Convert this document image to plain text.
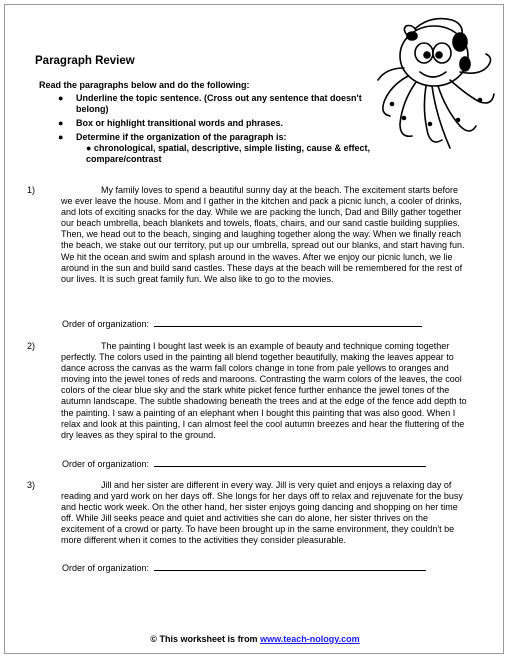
Paragraph Review
Read the paragraphs below and do the following:
● Underline the topic sentence. (Cross out any sentence that doesn't belong)
● Box or highlight transitional words and phrases.
● Determine if the organization of the paragraph is:
● chronological, spatial, descriptive, simple listing, cause & effect, compare/contrast
1)	My family loves to spend a beautiful sunny day at the beach. The excitement starts before we ever leave the house. Mom and I gather in the kitchen and pack a picnic lunch, a cooler of drinks, and lots of exciting snacks for the day. While we are packing the lunch, Dad and Billy gather together our beach umbrella, beach blankets and towels, floats, chairs, and our sand castle building supplies. Then, we head out to the beach, singing and laughing together along the way. When we finally reach the beach, we stake out our territory, put up our umbrella, spread out our blanks, and start having fun. We hit the ocean and swim and splash around in the waves. After we enjoy our picnic lunch, we lie around in the sun and build sand castles. These days at the beach will be remembered for the rest of our lives. It is such great family fun. We also like to go to the movies.

Order of organization:
2)	The painting I bought last week is an example of beauty and technique coming together perfectly. The colors used in the painting all blend together beautifully, making the leaves appear to dance across the canvas as the warm fall colors change in tone from pale yellows to oranges and moving into the jewel tones of reds and maroons. Contrasting the warm colors of the leaves, the cool colors of the clear blue sky and the stark white picket fence further enhance the jewel tones of the autumn landscape. The subtle shadowing beneath the trees and at the edge of the fence add depth to the painting. I saw a painting of an elephant when I bought this painting that was also good. When I relax and look at this painting, I can almost feel the cool autumn breezes and hear the fluttering of the dry leaves as they spiral to the ground.

Order of organization:
3)	Jill and her sister are different in every way. Jill is very quiet and enjoys a relaxing day of reading and yard work on her days off. She longs for her days off to relax and rejuvenate for the busy and hectic work week. On the other hand, her sister enjoys going dancing and shopping on her time off. While Jill seeks peace and quiet and activities she can do alone, her sister thrives on the excitement of a crowd or party. To have been brought up in the same environment, they couldn't be more different when it comes to the activities they consider pleasurable.

Order of organization:
© This worksheet is from www.teach-nology.com
